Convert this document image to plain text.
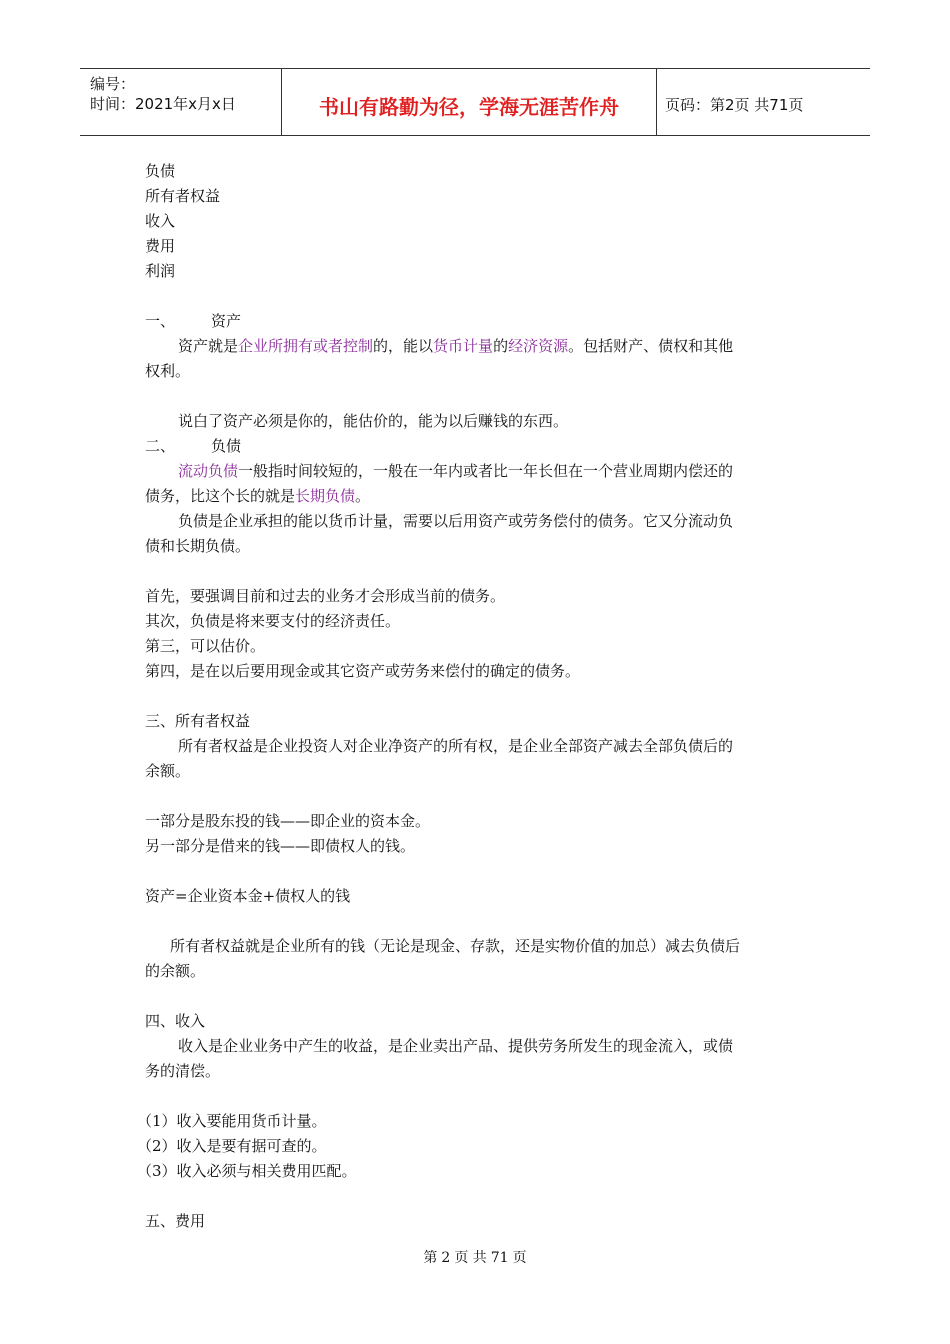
编号：
时间：2021年x月x日	书山有路勤为径，学海无涯苦作舟	页码：第2页 共71页
负债
所有者权益
收入
费用
利润
一、 资产
资产就是企业所拥有或者控制的，能以货币计量的经济资源。包括财产、债权和其他
权利。
说白了资产必须是你的，能估价的，能为以后赚钱的东西。
二、 负债
流动负债一般指时间较短的，一般在一年内或者比一年长但在一个营业周期内偿还的
债务，比这个长的就是长期负债。
负债是企业承担的能以货币计量，需要以后用资产或劳务偿付的债务。它又分流动负
债和长期负债。
首先，要强调目前和过去的业务才会形成当前的债务。
其次，负债是将来要支付的经济责任。
第三，可以估价。
第四，是在以后要用现金或其它资产或劳务来偿付的确定的债务。
三、所有者权益
所有者权益是企业投资人对企业净资产的所有权，是企业全部资产减去全部负债后的
余额。
一部分是股东投的钱——即企业的资本金。
另一部分是借来的钱——即债权人的钱。
资产=企业资本金+债权人的钱
所有者权益就是企业所有的钱（无论是现金、存款，还是实物价值的加总）减去负债后
的余额。
四、收入
收入是企业业务中产生的收益，是企业卖出产品、提供劳务所发生的现金流入，或债
务的清偿。
（1）收入要能用货币计量。
（2）收入是要有据可查的。
（3）收入必须与相关费用匹配。
五、费用
第 2 页 共 71 页
